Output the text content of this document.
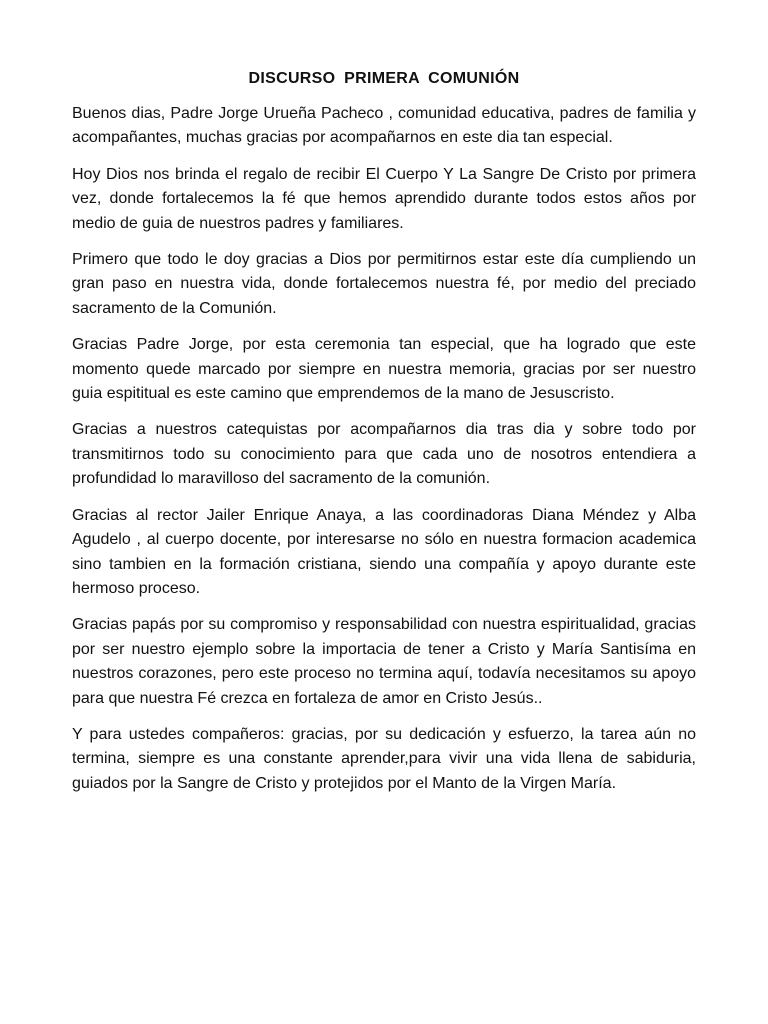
DISCURSO PRIMERA COMUNIÓN

Buenos dias, Padre Jorge Urueña Pacheco , comunidad educativa, padres de familia y acompañantes, muchas gracias por acompañarnos en este dia tan especial.

Hoy Dios nos brinda el regalo de recibir El Cuerpo Y La Sangre De Cristo por primera vez, donde fortalecemos la fé que hemos aprendido durante todos estos años por medio de guia de nuestros padres y familiares.

Primero que todo le doy gracias a Dios por permitirnos estar este día cumpliendo un gran paso en nuestra vida, donde fortalecemos nuestra fé, por medio del preciado sacramento de la Comunión.

Gracias Padre Jorge, por esta ceremonia tan especial, que ha logrado que este momento quede marcado por siempre en nuestra memoria, gracias por ser nuestro guia espititual es este camino que emprendemos de la mano de Jesuscristo.

Gracias a nuestros catequistas por acompañarnos dia tras dia y sobre todo por transmitirnos todo su conocimiento para que cada uno de nosotros entendiera a profundidad lo maravilloso del sacramento de la comunión.

Gracias al rector Jailer Enrique Anaya, a las coordinadoras Diana Méndez y Alba Agudelo , al cuerpo docente, por interesarse no sólo en nuestra formacion academica sino tambien en la formación cristiana, siendo una compañía y apoyo durante este hermoso proceso.

Gracias papás por su compromiso y responsabilidad con nuestra espiritualidad, gracias por ser nuestro ejemplo sobre la importacia de tener a Cristo y María Santisíma en nuestros corazones, pero este proceso no termina aquí, todavía necesitamos su apoyo para que nuestra Fé crezca en fortaleza de amor en Cristo Jesús..

Y para ustedes compañeros: gracias, por su dedicación y esfuerzo, la tarea aún no termina, siempre es una constante aprender,para vivir una vida llena de sabiduria, guiados por la Sangre de Cristo y protejidos por el Manto de la Virgen María.
